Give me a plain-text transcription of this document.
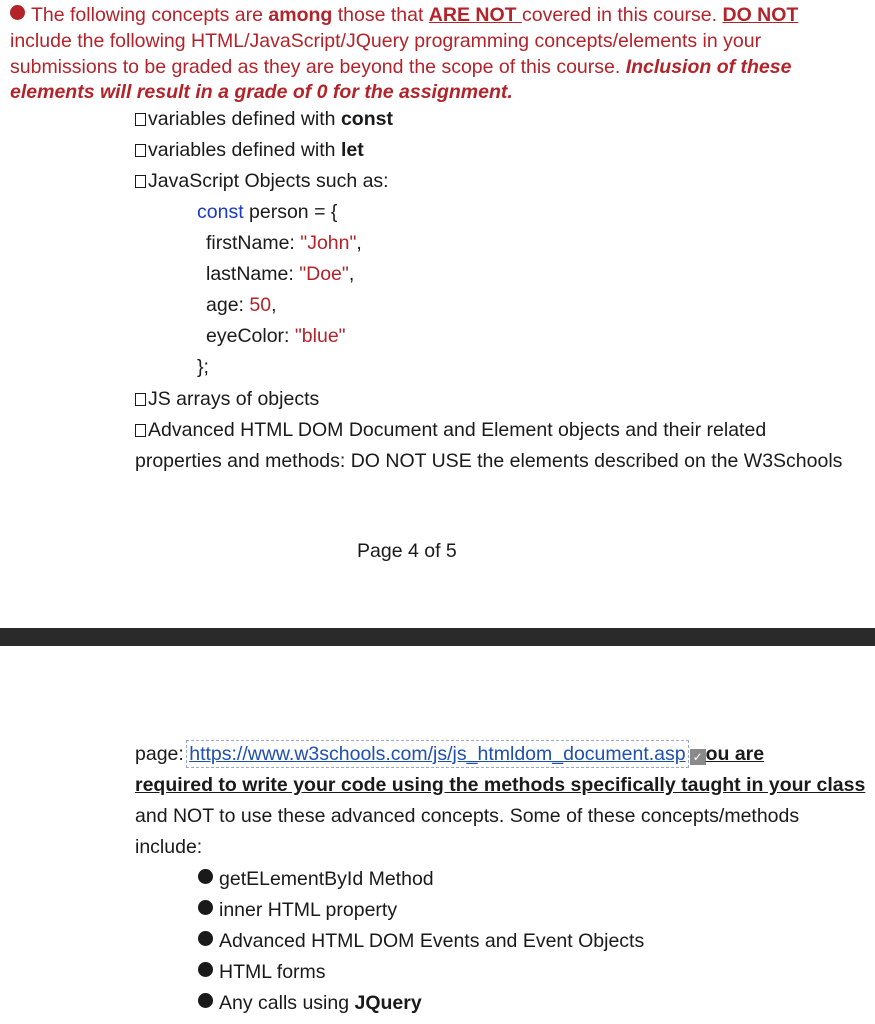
The following concepts are among those that ARE NOT covered in this course. DO NOT
include the following HTML/JavaScript/JQuery programming concepts/elements in your
submissions to be graded as they are beyond the scope of this course. Inclusion of these
elements will result in a grade of 0 for the assignment.
variables defined with const
variables defined with let
JavaScript Objects such as:
const person = {
firstName: "John",
lastName: "Doe",
age: 50,
eyeColor: "blue"
};
JS arrays of objects
Advanced HTML DOM Document and Element objects and their related
properties and methods: DO NOT USE the elements described on the W3Schools
Page 4 of 5
page: https://www.w3schools.com/js/js_htmldom_document.asp ✓ ou are
required to write your code using the methods specifically taught in your class
and NOT to use these advanced concepts. Some of these concepts/methods
include:
getELementById Method
inner HTML property
Advanced HTML DOM Events and Event Objects
HTML forms
Any calls using JQuery
